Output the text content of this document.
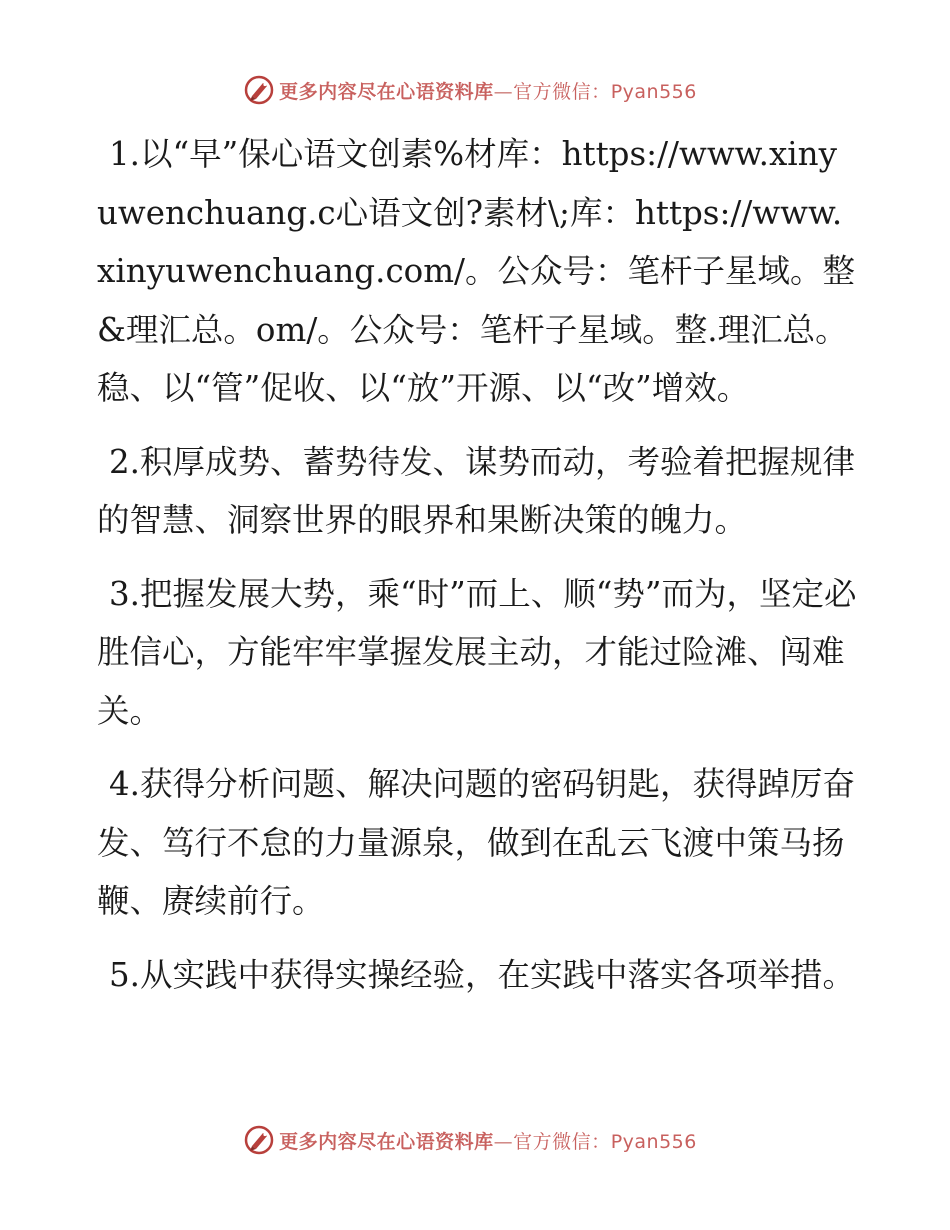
更多内容尽在心语资料库—官方微信：Pyan556

1.以“早”保心语文创素%材库：https://www.xinyuwenchuang.c心语文创?素材\;库：https://www.xinyuwenchuang.com/。公众号：笔杆子星域。整&理汇总。om/。公众号：笔杆子星域。整.理汇总。稳、以“管”促收、以“放”开源、以“改”增效。

2.积厚成势、蓄势待发、谋势而动，考验着把握规律的智慧、洞察世界的眼界和果断决策的魄力。

3.把握发展大势，乘“时”而上、顺“势”而为，坚定必胜信心，方能牢牢掌握发展主动，才能过险滩、闯难关。

4.获得分析问题、解决问题的密码钥匙，获得踔厉奋发、笃行不怠的力量源泉，做到在乱云飞渡中策马扬鞭、赓续前行。

5.从实践中获得实操经验，在实践中落实各项举措。

更多内容尽在心语资料库—官方微信：Pyan556
